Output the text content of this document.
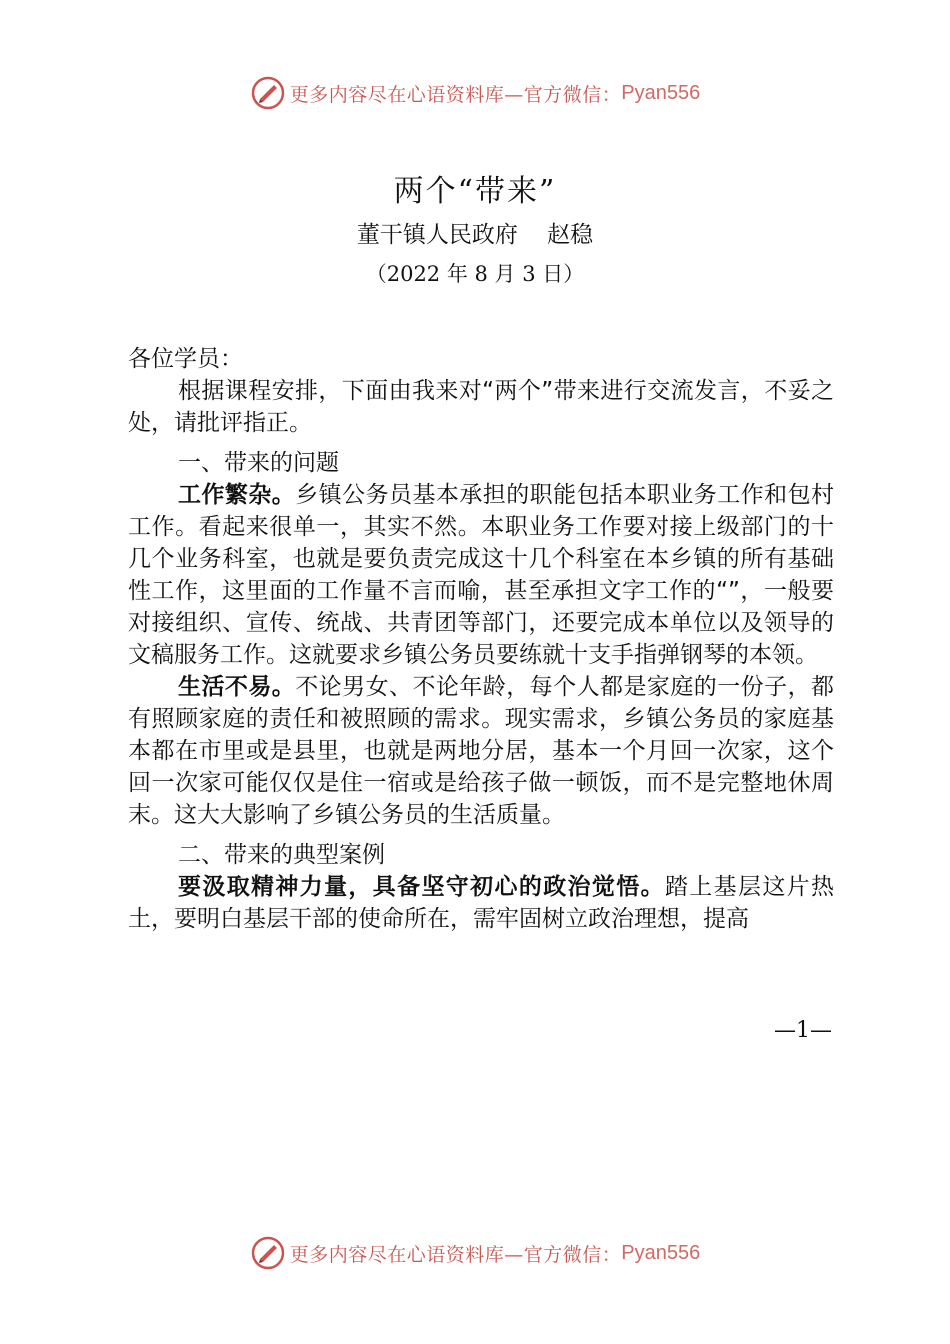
更多内容尽在心语资料库—官方微信： Pyan556
两个“带来”
董干镇人民政府    赵稳
（2022 年 8 月 3 日）

各位学员：

根据课程安排，下面由我来对“两个”带来进行交流发言，不妥之处，请批评指正。

一、带来的问题

工作繁杂。乡镇公务员基本承担的职能包括本职业务工作和包村工作。看起来很单一，其实不然。本职业务工作要对接上级部门的十几个业务科室，也就是要负责完成这十几个科室在本乡镇的所有基础性工作，这里面的工作量不言而喻，甚至承担文字工作的“”，一般要对接组织、宣传、统战、共青团等部门，还要完成本单位以及领导的文稿服务工作。这就要求乡镇公务员要练就十支手指弹钢琴的本领。

生活不易。不论男女、不论年龄，每个人都是家庭的一份子，都有照顾家庭的责任和被照顾的需求。现实需求，乡镇公务员的家庭基本都在市里或是县里，也就是两地分居，基本一个月回一次家，这个回一次家可能仅仅是住一宿或是给孩子做一顿饭，而不是完整地休周末。这大大影响了乡镇公务员的生活质量。

二、带来的典型案例

要汲取精神力量，具备坚守初心的政治觉悟。踏上基层这片热土，要明白基层干部的使命所在，需牢固树立政治理想，提高

—1—
更多内容尽在心语资料库—官方微信： Pyan556
